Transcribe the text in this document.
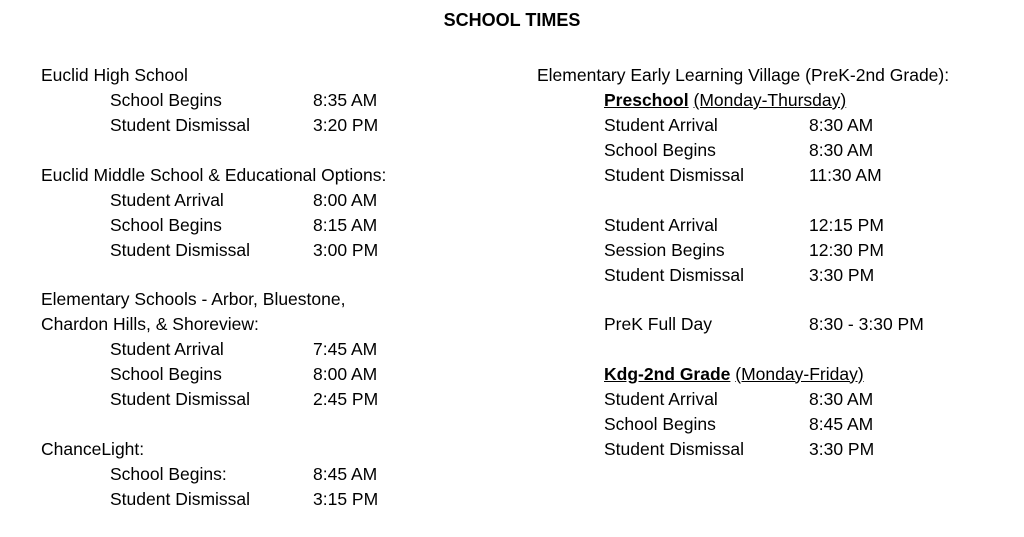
SCHOOL TIMES
Euclid High School
School Begins	8:35 AM
Student Dismissal	3:20 PM
Euclid Middle School & Educational Options:
Student Arrival	8:00 AM
School Begins	8:15 AM
Student Dismissal	3:00 PM
Elementary Schools - Arbor, Bluestone,
Chardon Hills, & Shoreview:
Student Arrival	7:45 AM
School Begins	8:00 AM
Student Dismissal	2:45 PM
ChanceLight:
School Begins:	8:45 AM
Student Dismissal	3:15 PM
Elementary Early Learning Village (PreK-2nd Grade):
Preschool (Monday-Thursday)
Student Arrival	8:30 AM
School Begins	8:30 AM
Student Dismissal	11:30 AM
Student Arrival	12:15 PM
Session Begins	12:30 PM
Student Dismissal	3:30 PM
PreK Full Day	8:30 - 3:30 PM
Kdg-2nd Grade (Monday-Friday)
Student Arrival	8:30 AM
School Begins	8:45 AM
Student Dismissal	3:30 PM
